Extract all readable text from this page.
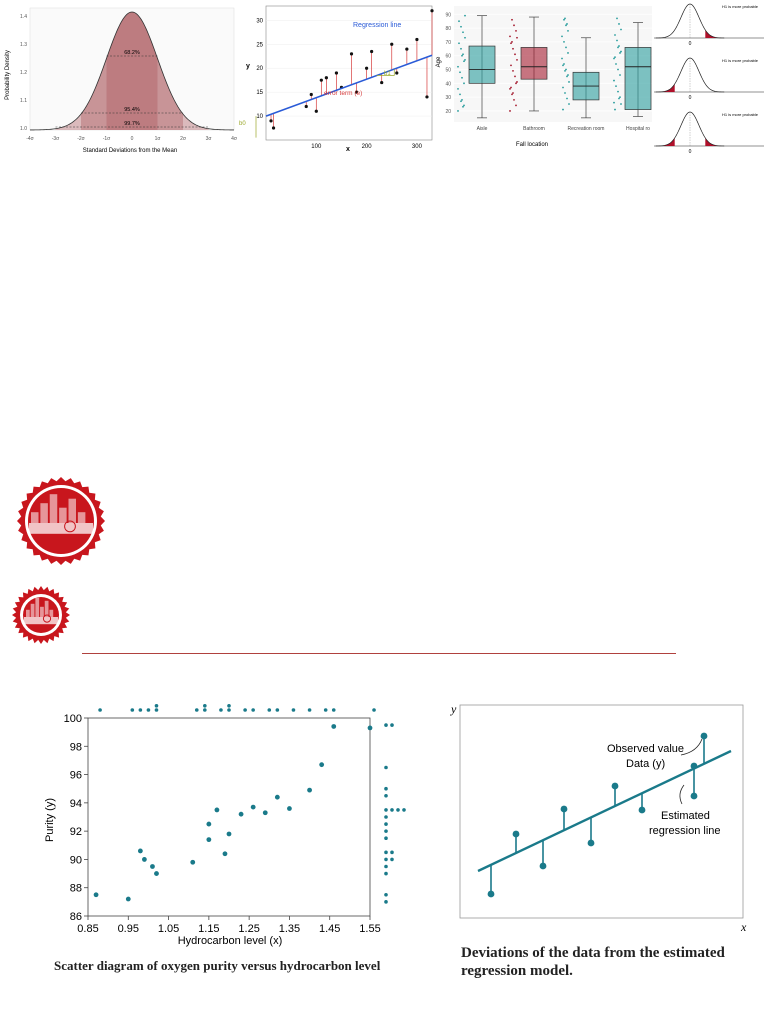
68.2%
95.4%
99.7%
1.4
1.3
1.2
1.1
1.0
-4σ	-3σ	-2σ	-1σ	0	1σ	2σ	3σ	4σ
Probability Density
Standard Deviations from the Mean
30
25
20
15
10
100	200	300
Regression line
error term (e)
b0
b1
y
x
90
80
70
60
50
40
30
20
Aisle	Bathroom	Recreation room	Hospital ro
Age
Fall location
0
H1 is more probable
0
H1 is more probable
0
H1 is more probable
86
88
90
92
94
96
98
100
0.85 0.95 1.05 1.15 1.25 1.35 1.45 1.55
Hydrocarbon level (x)
Purity (y)
Scatter diagram of oxygen purity versus hydrocarbon level
y
x
Observed value
Data (y)
Estimated
regression line
Deviations of the data from the estimated regression model.
